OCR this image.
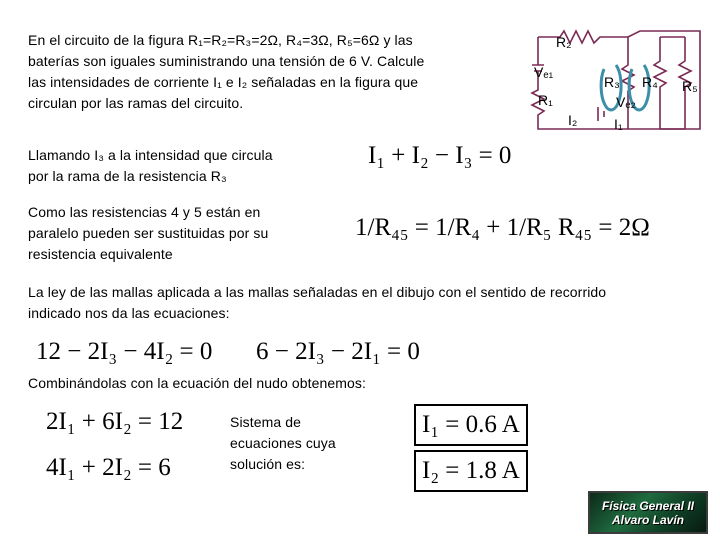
En el circuito de la figura R₁=R₂=R₃=2Ω, R₄=3Ω, R₅=6Ω y las
baterías son iguales suministrando una tensión de 6 V. Calcule
las intensidades de corriente I₁ e I₂ señaladas en la figura que
circulan por las ramas del circuito.
R₂
Vₑ₁
R₁
R₃ R₄ R₅
Vₑ₂
I₂	I₁
Llamando I₃ a la intensidad que circula
por la rama de la resistencia R₃
I₁ + I₂ − I₃ = 0
Como las resistencias 4 y 5 están en
paralelo pueden ser sustituidas por su
resistencia equivalente
1/R₄₅ = 1/R₄ + 1/R₅ R₄₅ = 2Ω
La ley de las mallas aplicada a las mallas señaladas en el dibujo con el sentido de recorrido
indicado nos da las ecuaciones:
12 − 2I₃ − 4I₂ = 0 6 − 2I₃ − 2I₁ = 0
Combinándolas con la ecuación del nudo obtenemos:
2I₁ + 6I₂ = 12
4I₁ + 2I₂ = 6
Sistema de
ecuaciones cuya
solución es:
I₁ = 0.6 A
I₂ = 1.8 A
Física General II
Alvaro Lavín
